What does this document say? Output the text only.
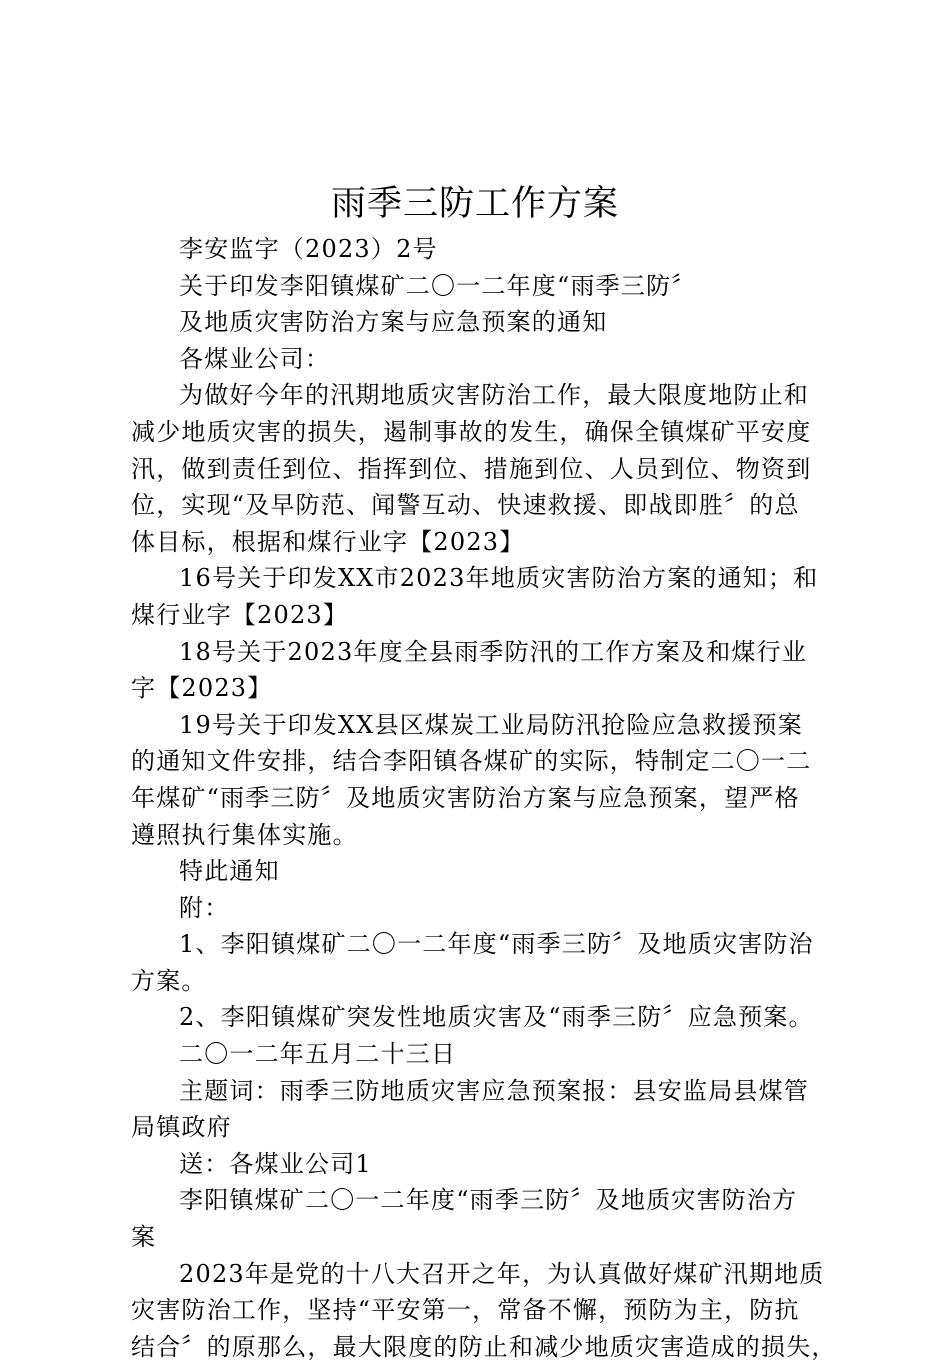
雨季三防工作方案
李安监字（2023）2号
关于印发李阳镇煤矿二〇一二年度“雨季三防〞
及地质灾害防治方案与应急预案的通知
各煤业公司：
为做好今年的汛期地质灾害防治工作，最大限度地防止和
减少地质灾害的损失，遏制事故的发生，确保全镇煤矿平安度
汛，做到责任到位、指挥到位、措施到位、人员到位、物资到
位，实现“及早防范、闻警互动、快速救援、即战即胜〞的总
体目标，根据和煤行业字【2023】
16号关于印发XX市2023年地质灾害防治方案的通知；和
煤行业字【2023】
18号关于2023年度全县雨季防汛的工作方案及和煤行业
字【2023】
19号关于印发XX县区煤炭工业局防汛抢险应急救援预案
的通知文件安排，结合李阳镇各煤矿的实际，特制定二〇一二
年煤矿“雨季三防〞及地质灾害防治方案与应急预案，望严格
遵照执行集体实施。
特此通知
附：
1、李阳镇煤矿二〇一二年度“雨季三防〞及地质灾害防治
方案。
2、李阳镇煤矿突发性地质灾害及“雨季三防〞应急预案。
二〇一二年五月二十三日
主题词：雨季三防地质灾害应急预案报：县安监局县煤管
局镇政府
送：各煤业公司1
李阳镇煤矿二〇一二年度“雨季三防〞及地质灾害防治方
案
2023年是党的十八大召开之年，为认真做好煤矿汛期地质
灾害防治工作，坚持“平安第一，常备不懈，预防为主，防抗
结合〞的原那么，最大限度的防止和减少地质灾害造成的损失，
